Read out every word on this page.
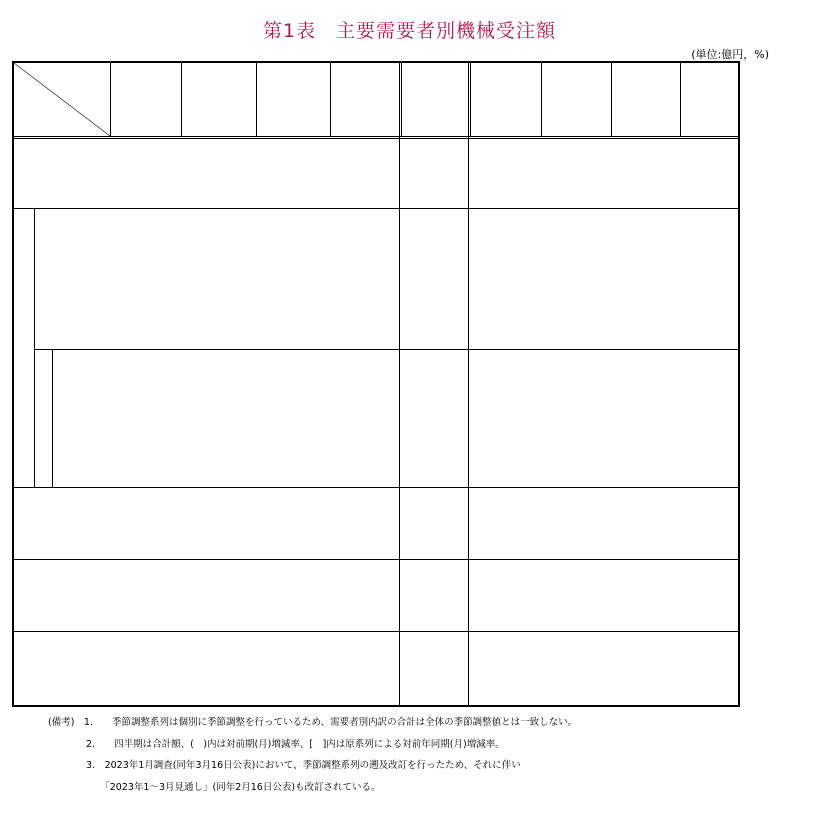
第1表　主要需要者別機械受注額
(単位:億円，%)
(備考)　1.　　季節調整系列は個別に季節調整を行っているため、需要者別内訳の合計は全体の季節調整値とは一致しない。
　　　　2.　　四半期は合計額、(　)内は対前期(月)増減率、[　]内は原系列による対前年同期(月)増減率。
　　　　3.　2023年1月調査(同年3月16日公表)において、季節調整系列の遡及改訂を行ったため、それに伴い
　　　　　　「2023年1～3月見通し」(同年2月16日公表)も改訂されている。
